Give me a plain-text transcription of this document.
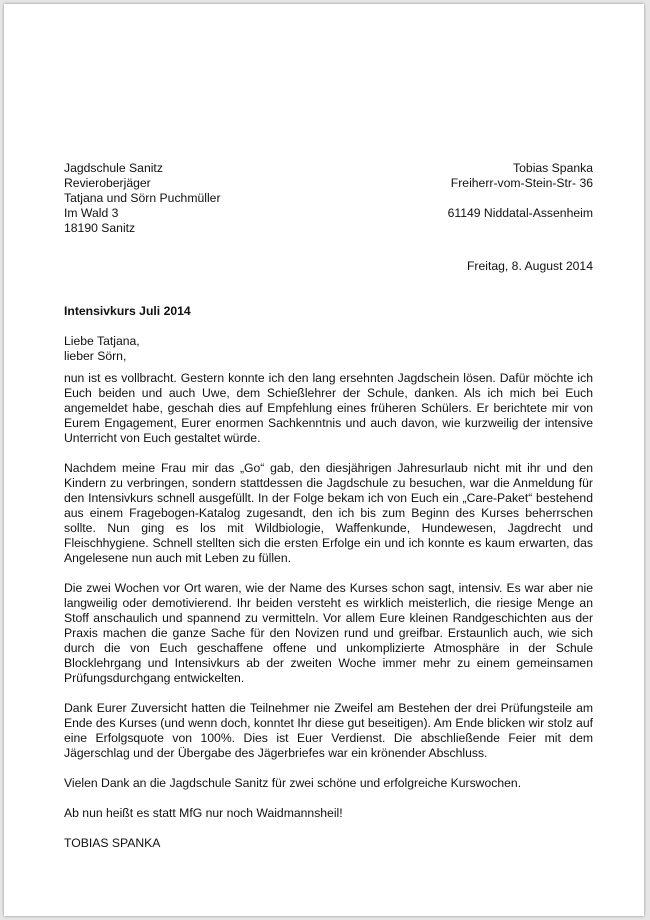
Jagdschule Sanitz
Revieroberjäger
Tatjana und Sörn Puchmüller
Im Wald 3
18190 Sanitz
Tobias Spanka
Freiherr-vom-Stein-Str- 36
61149 Niddatal-Assenheim
Freitag, 8. August 2014
Intensivkurs Juli 2014
Liebe Tatjana,
lieber Sörn,

nun ist es vollbracht. Gestern konnte ich den lang ersehnten Jagdschein lösen. Dafür möchte ich Euch beiden und auch Uwe, dem Schießlehrer der Schule, danken. Als ich mich bei Euch angemeldet habe, geschah dies auf Empfehlung eines früheren Schülers. Er berichtete mir von Eurem Engagement, Eurer enormen Sachkenntnis und auch davon, wie kurzweilig der intensive Unterricht von Euch gestaltet würde.

Nachdem meine Frau mir das „Go“ gab, den diesjährigen Jahresurlaub nicht mit ihr und den Kindern zu verbringen, sondern stattdessen die Jagdschule zu besuchen, war die Anmeldung für den Intensivkurs schnell ausgefüllt. In der Folge bekam ich von Euch ein „Care-Paket“ bestehend aus einem Fragebogen-Katalog zugesandt, den ich bis zum Beginn des Kurses beherrschen sollte. Nun ging es los mit Wildbiologie, Waffenkunde, Hundewesen, Jagdrecht und Fleischhygiene. Schnell stellten sich die ersten Erfolge ein und ich konnte es kaum erwarten, das Angelesene nun auch mit Leben zu füllen.

Die zwei Wochen vor Ort waren, wie der Name des Kurses schon sagt, intensiv. Es war aber nie langweilig oder demotivierend. Ihr beiden versteht es wirklich meisterlich, die riesige Menge an Stoff anschaulich und spannend zu vermitteln. Vor allem Eure kleinen Randgeschichten aus der Praxis machen die ganze Sache für den Novizen rund und greifbar. Erstaunlich auch, wie sich durch die von Euch geschaffene offene und unkomplizierte Atmosphäre in der Schule Blocklehrgang und Intensivkurs ab der zweiten Woche immer mehr zu einem gemeinsamen Prüfungsdurchgang entwickelten.

Dank Eurer Zuversicht hatten die Teilnehmer nie Zweifel am Bestehen der drei Prüfungsteile am Ende des Kurses (und wenn doch, konntet Ihr diese gut beseitigen). Am Ende blicken wir stolz auf eine Erfolgsquote von 100%. Dies ist Euer Verdienst. Die abschließende Feier mit dem Jägerschlag und der Übergabe des Jägerbriefes war ein krönender Abschluss.

Vielen Dank an die Jagdschule Sanitz für zwei schöne und erfolgreiche Kurswochen.

Ab nun heißt es statt MfG nur noch Waidmannsheil!

TOBIAS SPANKA
